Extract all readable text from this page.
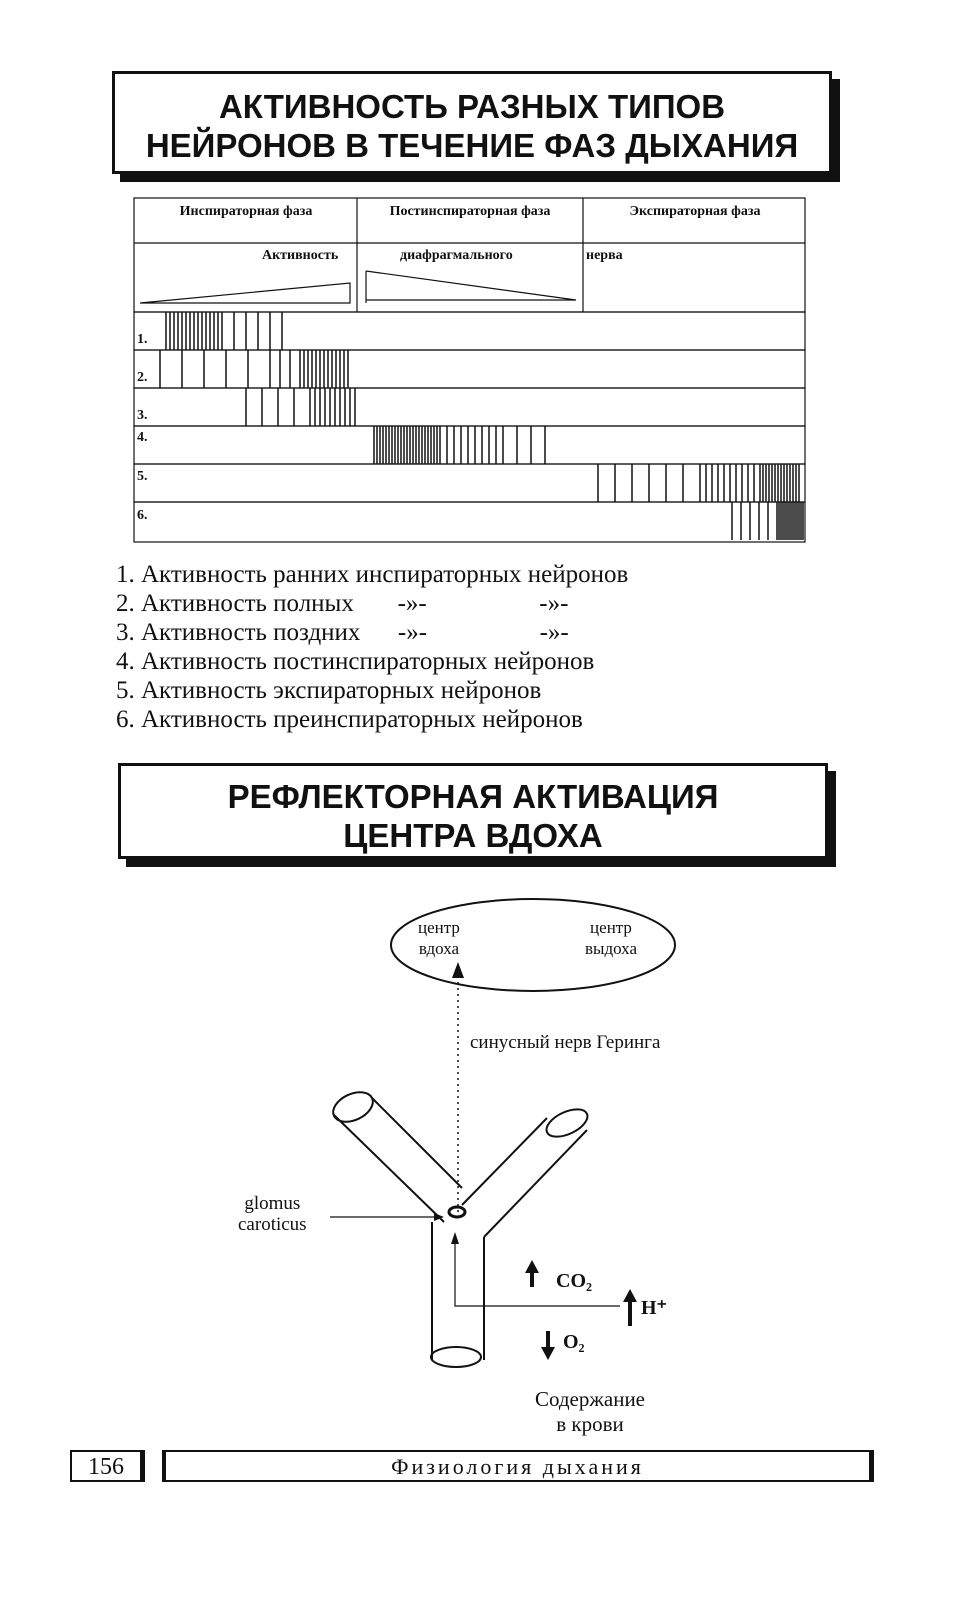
АКТИВНОСТЬ РАЗНЫХ ТИПОВ
НЕЙРОНОВ В ТЕЧЕНИЕ ФАЗ ДЫХАНИЯ
Инспираторная фаза	Постинспираторная фаза	Экспираторная фаза
Активность	диафрагмального	нерва
1.
2.
3.
4.
5.
6.
1. Активность ранних инспираторных нейронов
2. Активность полных       -»-                  -»-
3. Активность поздних      -»-                  -»-
4. Активность постинспираторных нейронов
5. Активность экспираторных нейронов
6. Активность преинспираторных нейронов
РЕФЛЕКТОРНАЯ АКТИВАЦИЯ
ЦЕНТРА ВДОХА
центр
вдоха
центр
выдоха
синусный нерв Геринга
glomus
caroticus
CO₂
H⁺
O₂
Содержание
в крови
156	Физиология дыхания
